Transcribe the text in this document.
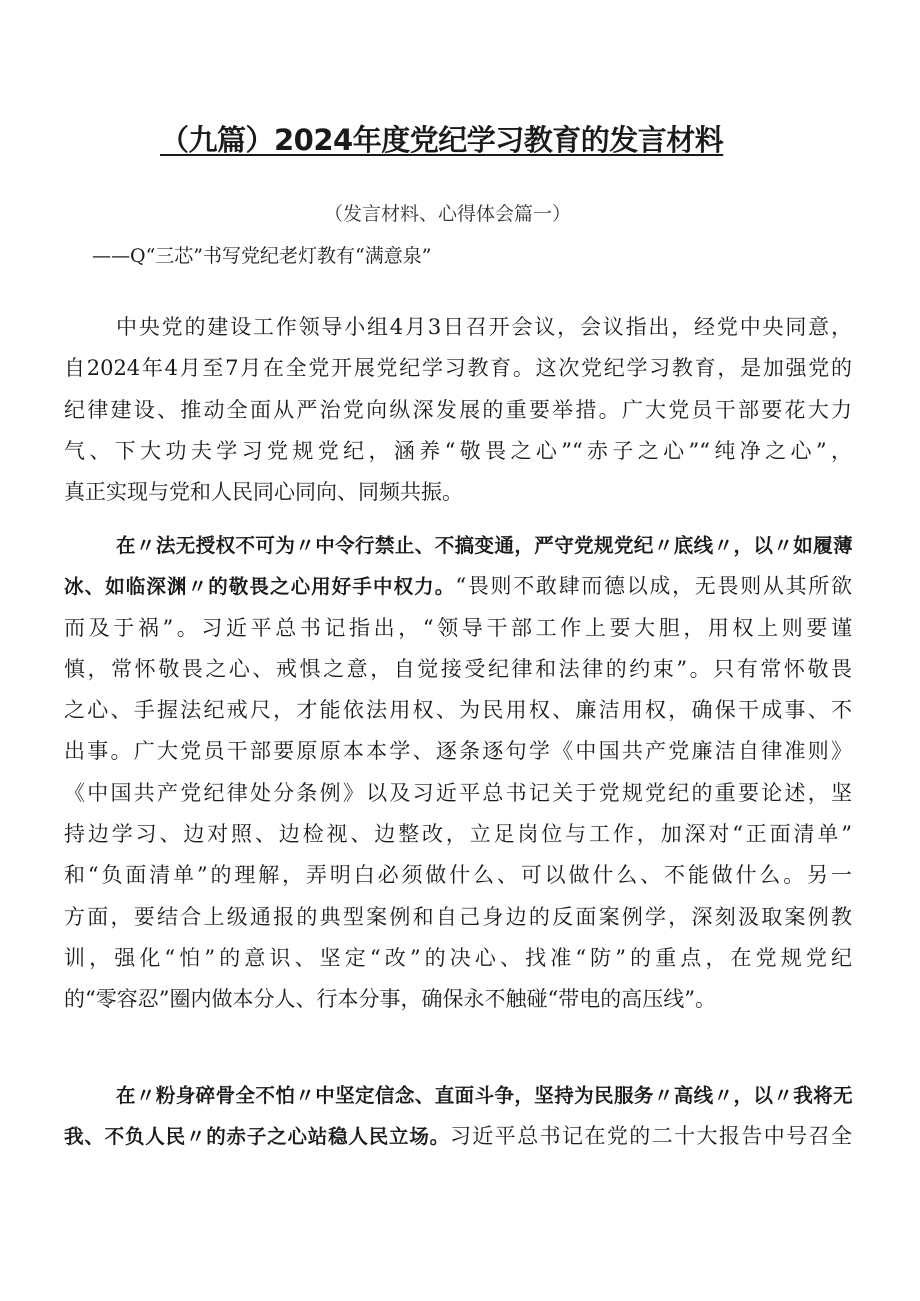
（九篇）2024年度党纪学习教育的发言材料

（发言材料、心得体会篇一）

——Q“三芯”书写党纪老灯教有“满意泉”

中央党的建设工作领导小组4月3日召开会议，会议指出，经党中央同意，
自2024年4月至7月在全党开展党纪学习教育。这次党纪学习教育，是加强党的
纪律建设、推动全面从严治党向纵深发展的重要举措。广大党员干部要花大力
气、下大功夫学习党规党纪，涵养“敬畏之心”“赤子之心”“纯净之心”，
真正实现与党和人民同心同向、同频共振。
在〃法无授权不可为〃中令行禁止、不搞变通，严守党规党纪〃底线〃，以〃如履薄
冰、如临深渊〃的敬畏之心用好手中权力。“畏则不敢肆而德以成，无畏则从其所欲
而及于祸”。习近平总书记指出，“领导干部工作上要大胆，用权上则要谨
慎，常怀敬畏之心、戒惧之意，自觉接受纪律和法律的约束”。只有常怀敬畏
之心、手握法纪戒尺，才能依法用权、为民用权、廉洁用权，确保干成事、不
出事。广大党员干部要原原本本学、逐条逐句学《中国共产党廉洁自律准则》
《中国共产党纪律处分条例》以及习近平总书记关于党规党纪的重要论述，坚
持边学习、边对照、边检视、边整改，立足岗位与工作，加深对“正面清单”
和“负面清单”的理解，弄明白必须做什么、可以做什么、不能做什么。另一
方面，要结合上级通报的典型案例和自己身边的反面案例学，深刻汲取案例教
训，强化“怕”的意识、坚定“改”的决心、找准“防”的重点，在党规党纪
的“零容忍”圈内做本分人、行本分事，确保永不触碰“带电的高压线”。
在〃粉身碎骨全不怕〃中坚定信念、直面斗争，坚持为民服务〃高线〃，以〃我将无
我、不负人民〃的赤子之心站稳人民立场。习近平总书记在党的二十大报告中号召全
